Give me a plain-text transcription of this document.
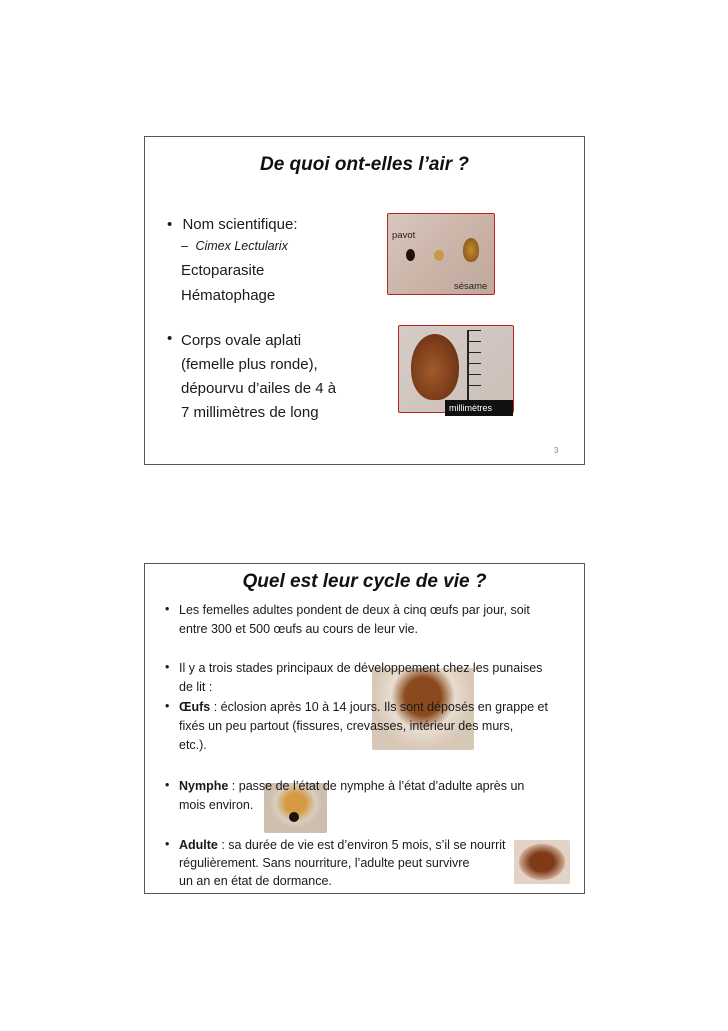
De quoi ont-elles l’air ?
• Nom scientifique:
– Cimex Lectularix
Ectoparasite
Hématophage
• Corps ovale aplati
(femelle plus ronde),
dépourvu d’ailes de 4 à
7 millimètres de long
pavot
sésame
millimètres
3
Quel est leur cycle de vie ?
• Les femelles adultes pondent de deux à cinq œufs par jour, soit
entre 300 et 500 œufs au cours de leur vie.
• Il y a trois stades principaux de développement chez les punaises
de lit :
• Œufs : éclosion après 10 à 14 jours. Ils sont déposés en grappe et
fixés un peu partout (fissures, crevasses, intérieur des murs,
etc.).
• Nymphe : passe de l’état de nymphe à l’état d’adulte après un
mois environ.
• Adulte : sa durée de vie est d’environ 5 mois, s’il se nourrit
régulièrement. Sans nourriture, l’adulte peut survivre
un an en état de dormance.
